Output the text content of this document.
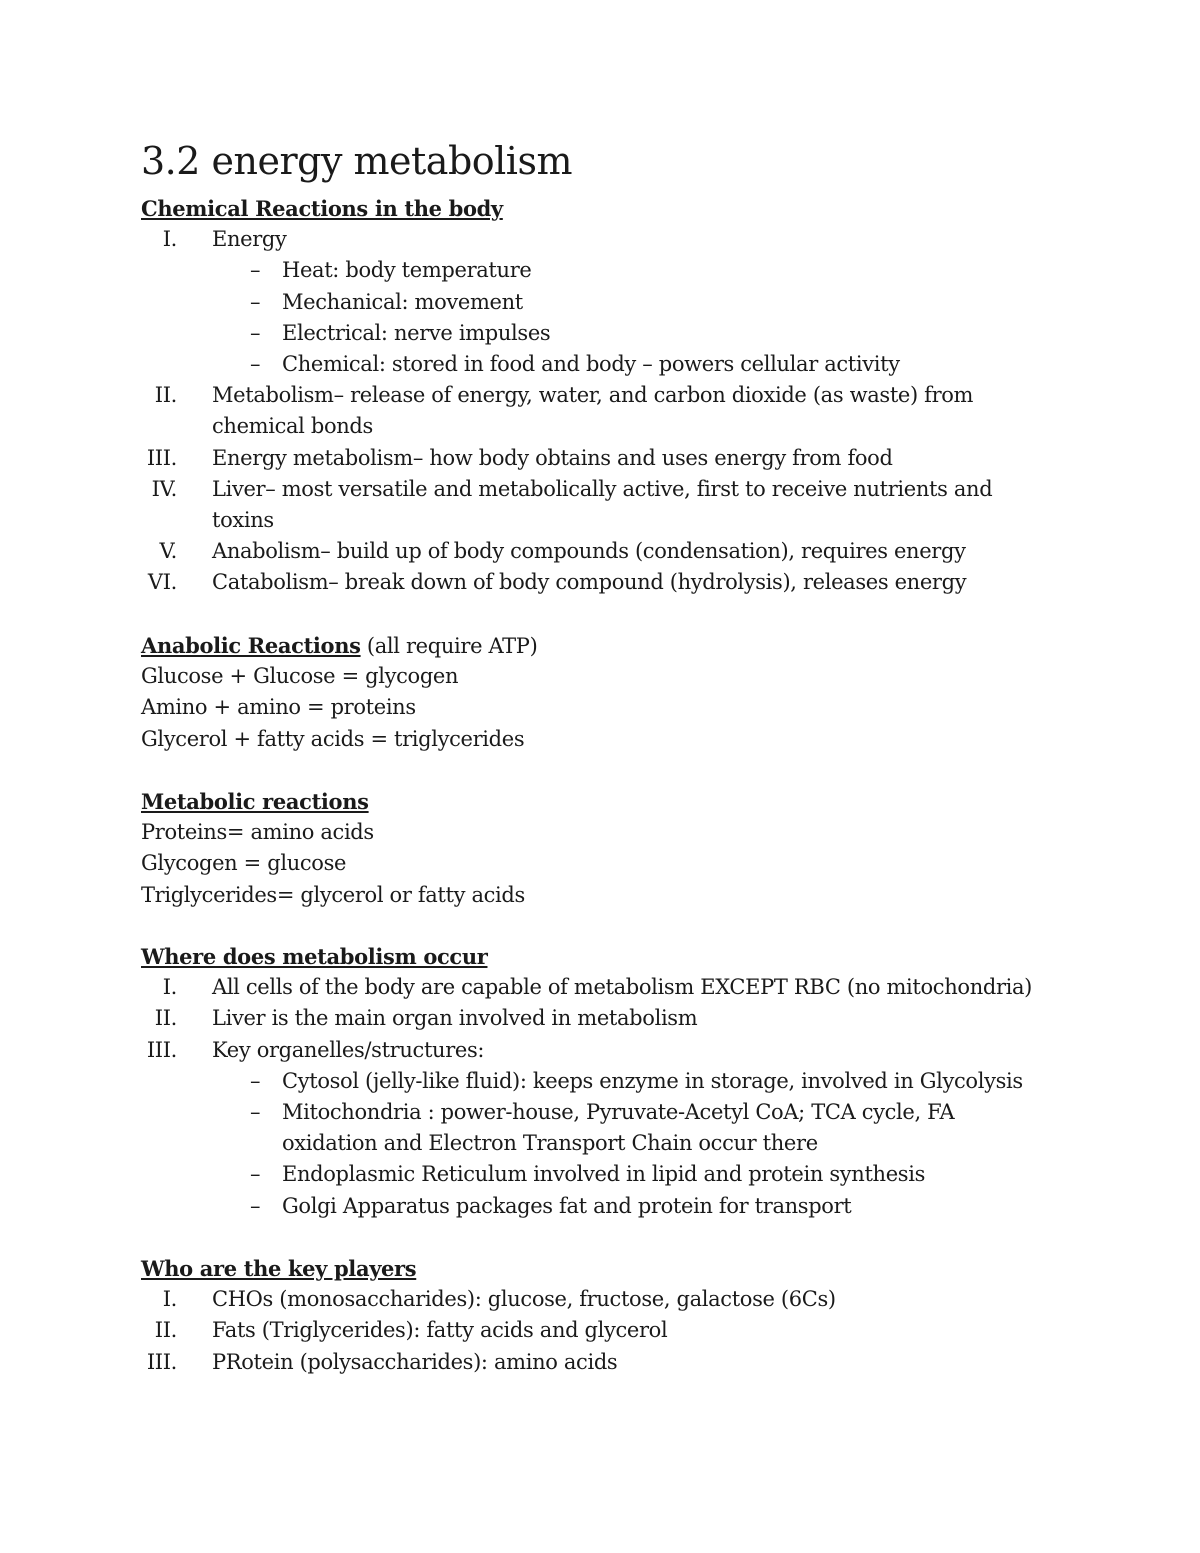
3.2 energy metabolism
Chemical Reactions in the body
I. Energy
– Heat: body temperature
– Mechanical: movement
– Electrical: nerve impulses
– Chemical: stored in food and body – powers cellular activity
II. Metabolism– release of energy, water, and carbon dioxide (as waste) from chemical bonds
III. Energy metabolism– how body obtains and uses energy from food
IV. Liver– most versatile and metabolically active, first to receive nutrients and toxins
V. Anabolism– build up of body compounds (condensation), requires energy
VI. Catabolism– break down of body compound (hydrolysis), releases energy
Anabolic Reactions (all require ATP)
Glucose + Glucose = glycogen
Amino + amino = proteins
Glycerol + fatty acids = triglycerides
Metabolic reactions
Proteins= amino acids
Glycogen = glucose
Triglycerides= glycerol or fatty acids
Where does metabolism occur
I. All cells of the body are capable of metabolism EXCEPT RBC (no mitochondria)
II. Liver is the main organ involved in metabolism
III. Key organelles/structures:
– Cytosol (jelly-like fluid): keeps enzyme in storage, involved in Glycolysis
– Mitochondria : power-house, Pyruvate-Acetyl CoA; TCA cycle, FA oxidation and Electron Transport Chain occur there
– Endoplasmic Reticulum involved in lipid and protein synthesis
– Golgi Apparatus packages fat and protein for transport
Who are the key players
I. CHOs (monosaccharides): glucose, fructose, galactose (6Cs)
II. Fats (Triglycerides): fatty acids and glycerol
III. PRotein (polysaccharides): amino acids
